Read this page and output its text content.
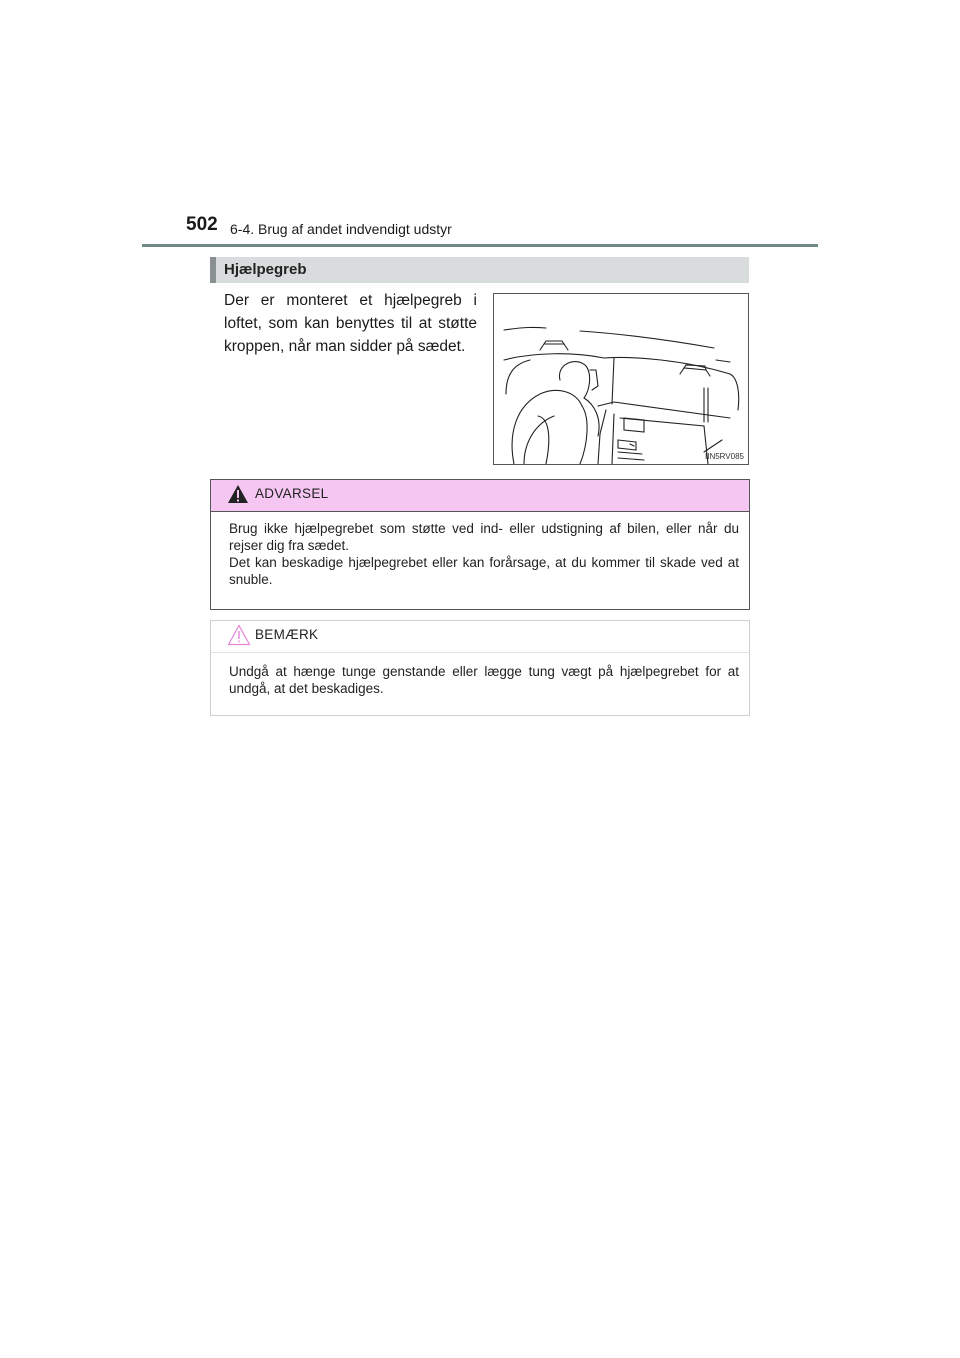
502 6-4. Brug af andet indvendigt udstyr
Hjælpegreb
Der er monteret et hjælpegreb i loftet, som kan benyttes til at støtte kroppen, når man sidder på sædet.
IIN5RV085
ADVARSEL

Brug ikke hjælpegrebet som støtte ved ind- eller udstigning af bilen, eller når du rejser dig fra sædet.

Det kan beskadige hjælpegrebet eller kan forårsage, at du kommer til skade ved at snuble.

BEMÆRK
Undgå at hænge tunge genstande eller lægge tung vægt på hjælpegrebet for at undgå, at det beskadiges.
